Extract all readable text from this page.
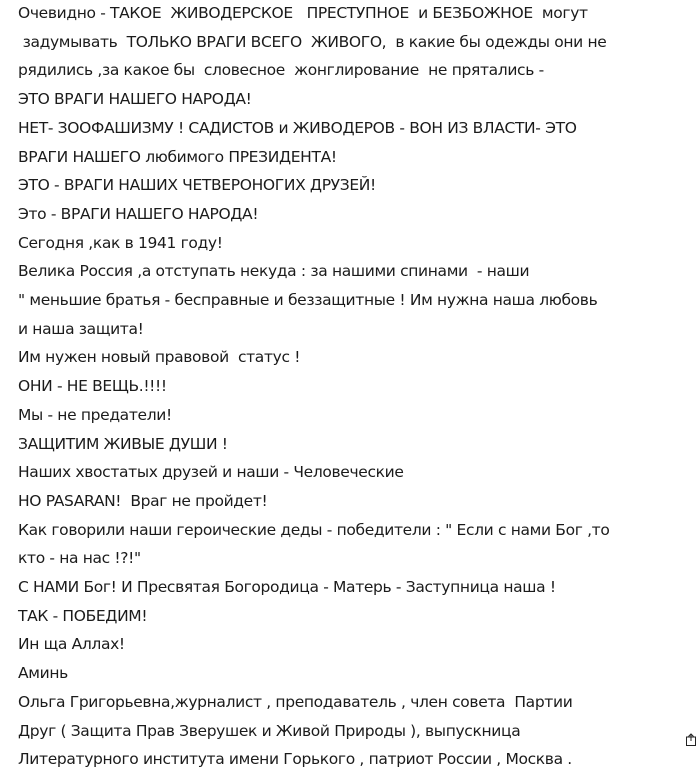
Очевидно - ТАКОЕ  ЖИВОДЕРСКОЕ   ПРЕСТУПНОЕ  и БЕЗБОЖНОЕ  могут
задумывать  ТОЛЬКО ВРАГИ ВСЕГО  ЖИВОГО,  в какие бы одежды они не
рядились ,за какое бы  словесное  жонглирование  не прятались -
ЭТО ВРАГИ НАШЕГО НАРОДА!
НЕТ- ЗООФАШИЗМУ ! САДИСТОВ и ЖИВОДЕРОВ - ВОН ИЗ ВЛАСТИ- ЭТО
ВРАГИ НАШЕГО любимого ПРЕЗИДЕНТА!
ЭТО - ВРАГИ НАШИХ ЧЕТВЕРОНОГИХ ДРУЗЕЙ!
Это - ВРАГИ НАШЕГО НАРОДА!
Сегодня ,как в 1941 году!
Велика Россия ,а отступать некуда : за нашими спинами  - наши
" меньшие братья - бесправные и беззащитные ! Им нужна наша любовь
и наша защита!
Им нужен новый правовой  статус !
ОНИ - НЕ ВЕЩЬ.!!!!
Мы - не предатели!
ЗАЩИТИМ ЖИВЫЕ ДУШИ !
Наших хвостатых друзей и наши - Человеческие
НО PASARAN!  Враг не пройдет!
Как говорили наши героические деды - победители : " Если с нами Бог ,то
кто - на нас !?!"
С НАМИ Бог! И Пресвятая Богородица - Матерь - Заступница наша !
ТАК - ПОБЕДИМ!
Ин ща Аллах!
Аминь
Ольга Григорьевна,журналист , преподаватель , член совета  Партии
Друг ( Защита Прав Зверушек и Живой Природы ), выпускница
Литературного института имени Горького , патриот России , Москва .
